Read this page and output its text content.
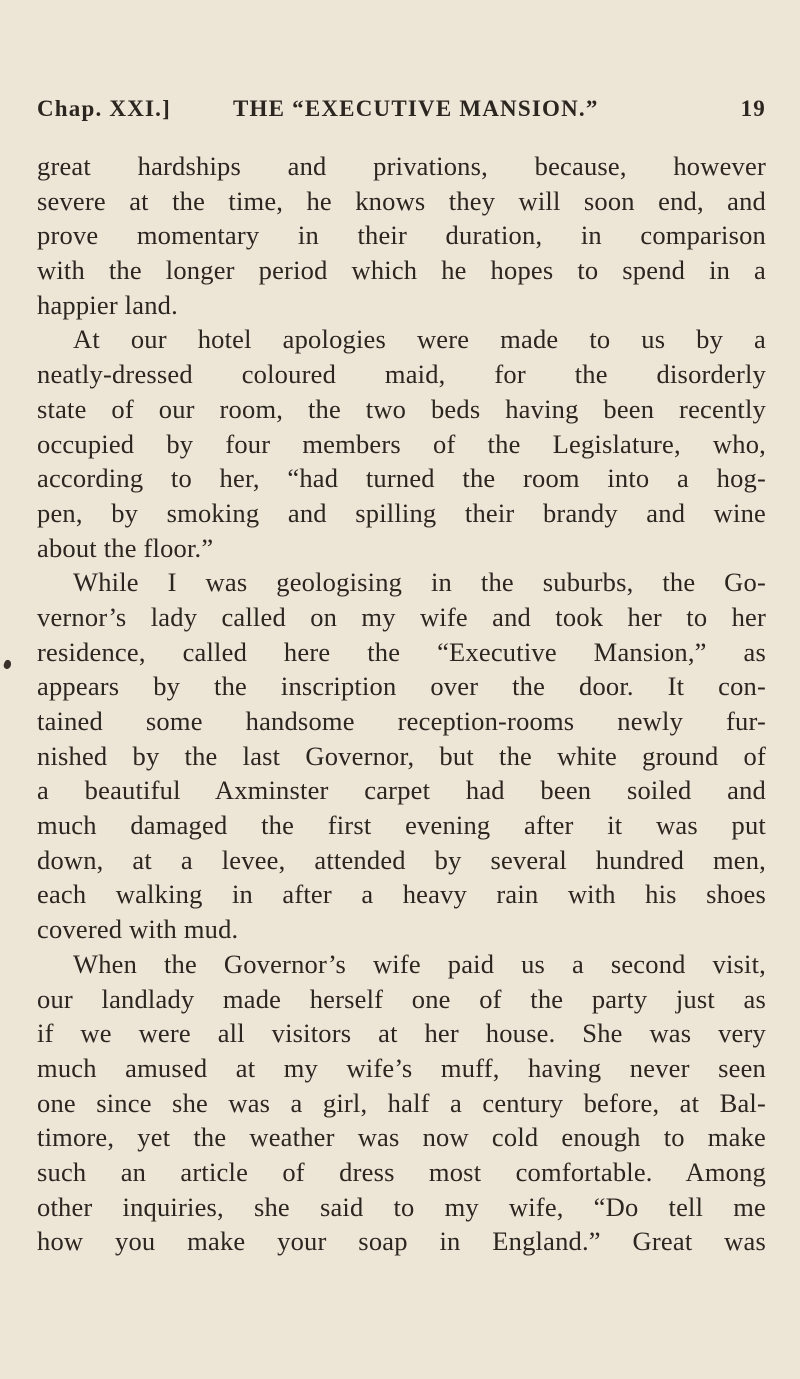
Chap. XXI.]	THE “EXECUTIVE MANSION.”	19
great hardships and privations, because, however
severe at the time, he knows they will soon end, and
prove momentary in their duration, in comparison
with the longer period which he hopes to spend in a
happier land.
At our hotel apologies were made to us by a
neatly-dressed coloured maid, for the disorderly
state of our room, the two beds having been recently
occupied by four members of the Legislature, who,
according to her, “had turned the room into a hog-
pen, by smoking and spilling their brandy and wine
about the floor.”
While I was geologising in the suburbs, the Go-
vernor’s lady called on my wife and took her to her
residence, called here the “Executive Mansion,” as
appears by the inscription over the door. It con-
tained some handsome reception-rooms newly fur-
nished by the last Governor, but the white ground of
a beautiful Axminster carpet had been soiled and
much damaged the first evening after it was put
down, at a levee, attended by several hundred men,
each walking in after a heavy rain with his shoes
covered with mud.
When the Governor’s wife paid us a second visit,
our landlady made herself one of the party just as
if we were all visitors at her house. She was very
much amused at my wife’s muff, having never seen
one since she was a girl, half a century before, at Bal-
timore, yet the weather was now cold enough to make
such an article of dress most comfortable. Among
other inquiries, she said to my wife, “Do tell me
how you make your soap in England.” Great was
